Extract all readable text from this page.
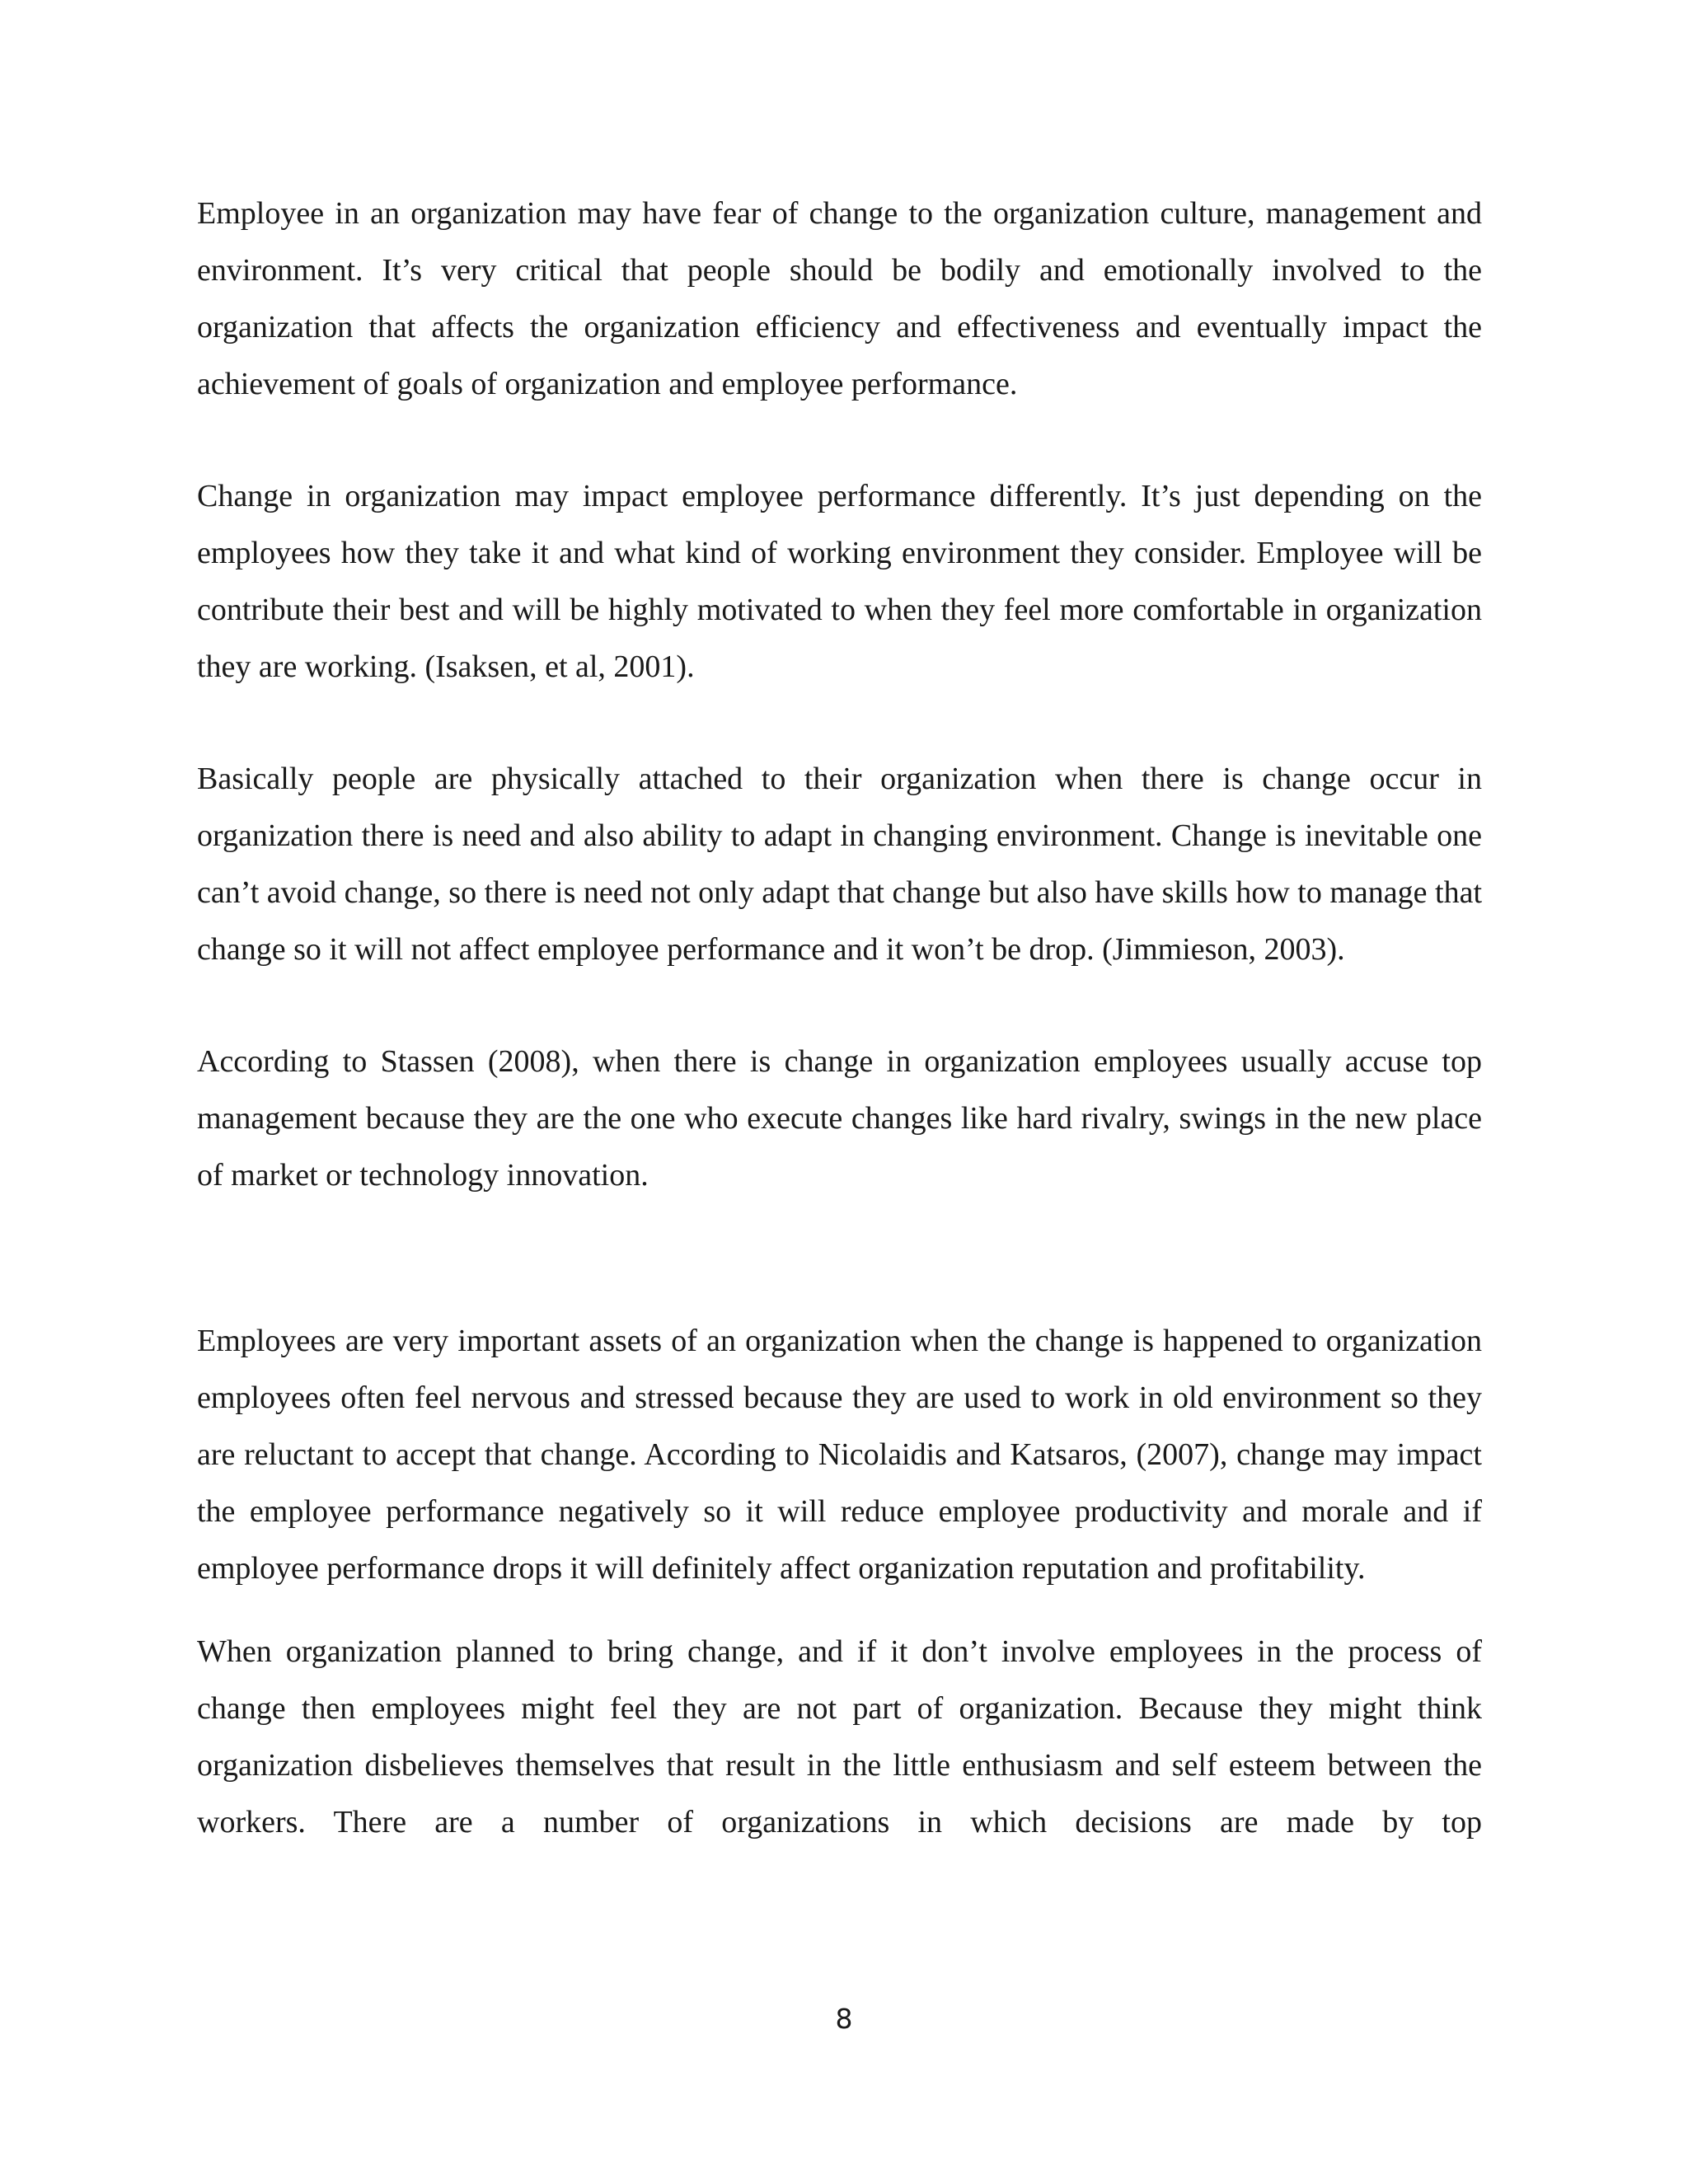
Employee in an organization may have fear of change to the organization culture, management and environment. It’s very critical that people should be bodily and emotionally involved to the organization that affects the organization efficiency and effectiveness and eventually impact the achievement of goals of organization and employee performance.

Change in organization may impact employee performance differently. It’s just depending on the employees how they take it and what kind of working environment they consider. Employee will be contribute their best and will be highly motivated to when they feel more comfortable in organization they are working. (Isaksen, et al, 2001).

Basically people are physically attached to their organization when there is change occur in organization there is need and also ability to adapt in changing environment. Change is inevitable one can’t avoid change, so there is need not only adapt that change but also have skills how to manage that change so it will not affect employee performance and it won’t be drop. (Jimmieson, 2003).

According to Stassen (2008), when there is change in organization employees usually accuse top management because they are the one who execute changes like hard rivalry, swings in the new place of market or technology innovation.

Employees are very important assets of an organization when the change is happened to organization employees often feel nervous and stressed because they are used to work in old environment so they are reluctant to accept that change. According to Nicolaidis and Katsaros, (2007), change may impact the employee performance negatively so it will reduce employee productivity and morale and if employee performance drops it will definitely affect organization reputation and profitability.

When organization planned to bring change, and if it don’t involve employees in the process of change then employees might feel they are not part of organization. Because they might think organization disbelieves themselves that result in the little enthusiasm and self esteem between the workers. There are a number of organizations in which decisions are made by top

8
